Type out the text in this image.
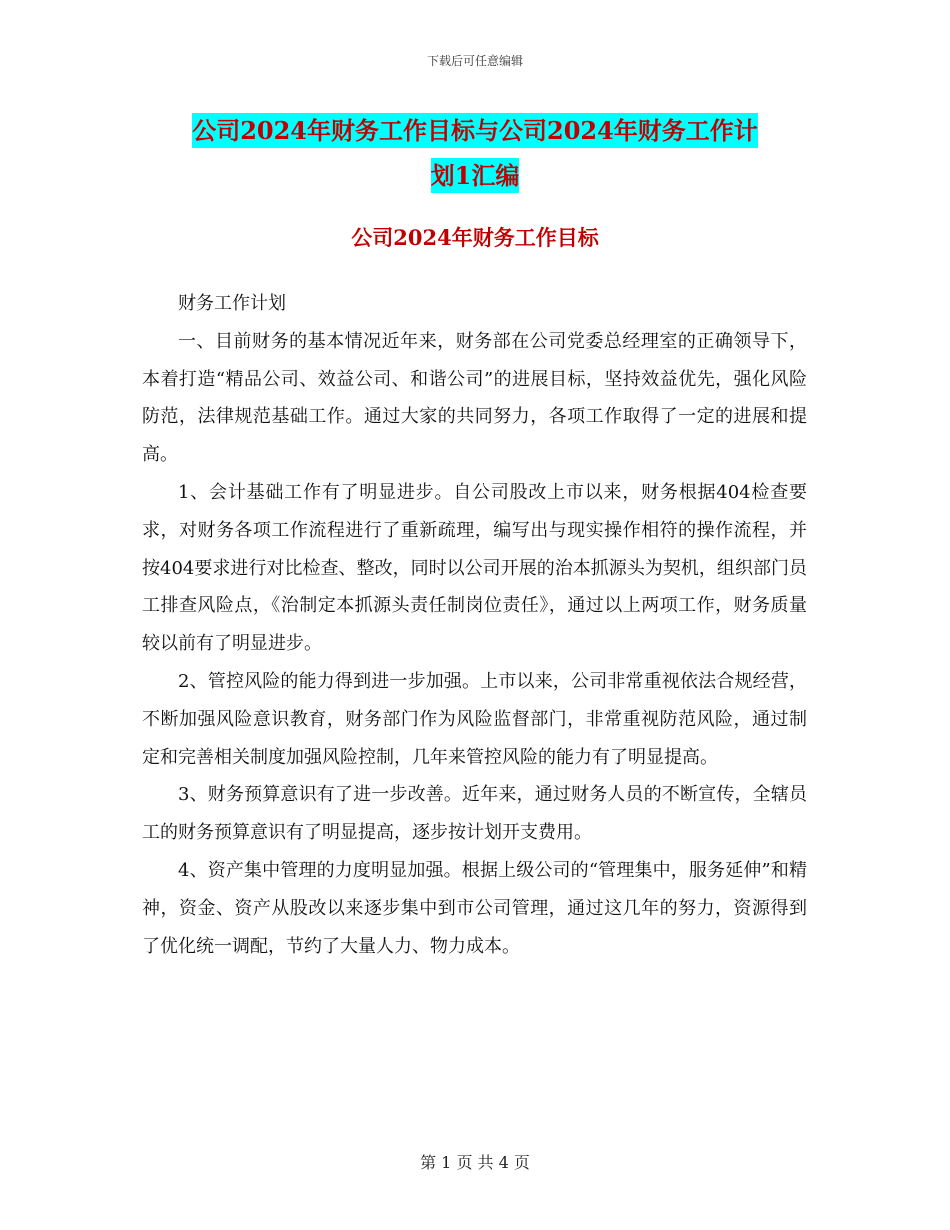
下载后可任意编辑
公司2024年财务工作目标与公司2024年财务工作计
划1汇编
公司2024年财务工作目标

财务工作计划

一、目前财务的基本情况近年来，财务部在公司党委总经理室的正确领导下，本着打造“精品公司、效益公司、和谐公司”的进展目标，坚持效益优先，强化风险防范，法律规范基础工作。通过大家的共同努力，各项工作取得了一定的进展和提高。

1、会计基础工作有了明显进步。自公司股改上市以来，财务根据404检查要求，对财务各项工作流程进行了重新疏理，编写出与现实操作相符的操作流程，并按404要求进行对比检查、整改，同时以公司开展的治本抓源头为契机，组织部门员工排查风险点，《治制定本抓源头责任制岗位责任》，通过以上两项工作，财务质量较以前有了明显进步。

2、管控风险的能力得到进一步加强。上市以来，公司非常重视依法合规经营，不断加强风险意识教育，财务部门作为风险监督部门，非常重视防范风险，通过制定和完善相关制度加强风险控制，几年来管控风险的能力有了明显提高。

3、财务预算意识有了进一步改善。近年来，通过财务人员的不断宣传，全辖员工的财务预算意识有了明显提高，逐步按计划开支费用。

4、资产集中管理的力度明显加强。根据上级公司的“管理集中，服务延伸”和精神，资金、资产从股改以来逐步集中到市公司管理，通过这几年的努力，资源得到了优化统一调配，节约了大量人力、物力成本。

第 1 页 共 4 页
